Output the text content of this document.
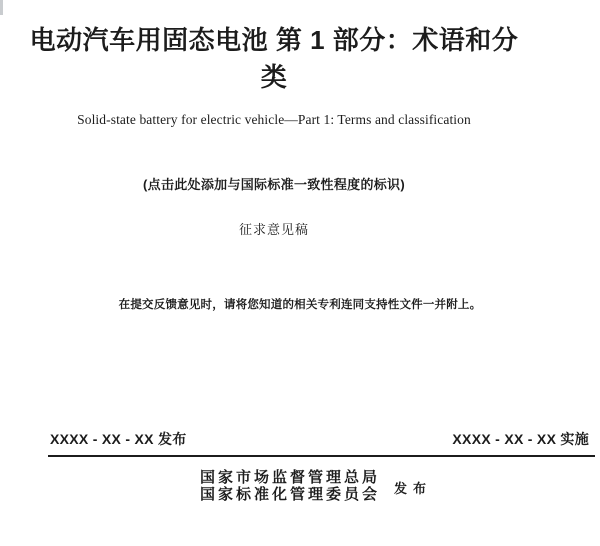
电动汽车用固态电池 第 1 部分：术语和分
类
Solid-state battery for electric vehicle—Part 1: Terms and classification
(点击此处添加与国际标准一致性程度的标识)
征求意见稿
在提交反馈意见时，请将您知道的相关专利连同支持性文件一并附上。
XXXX - XX - XX 发布	XXXX - XX - XX 实施
国家市场监督管理总局
国家标准化管理委员会 发布
